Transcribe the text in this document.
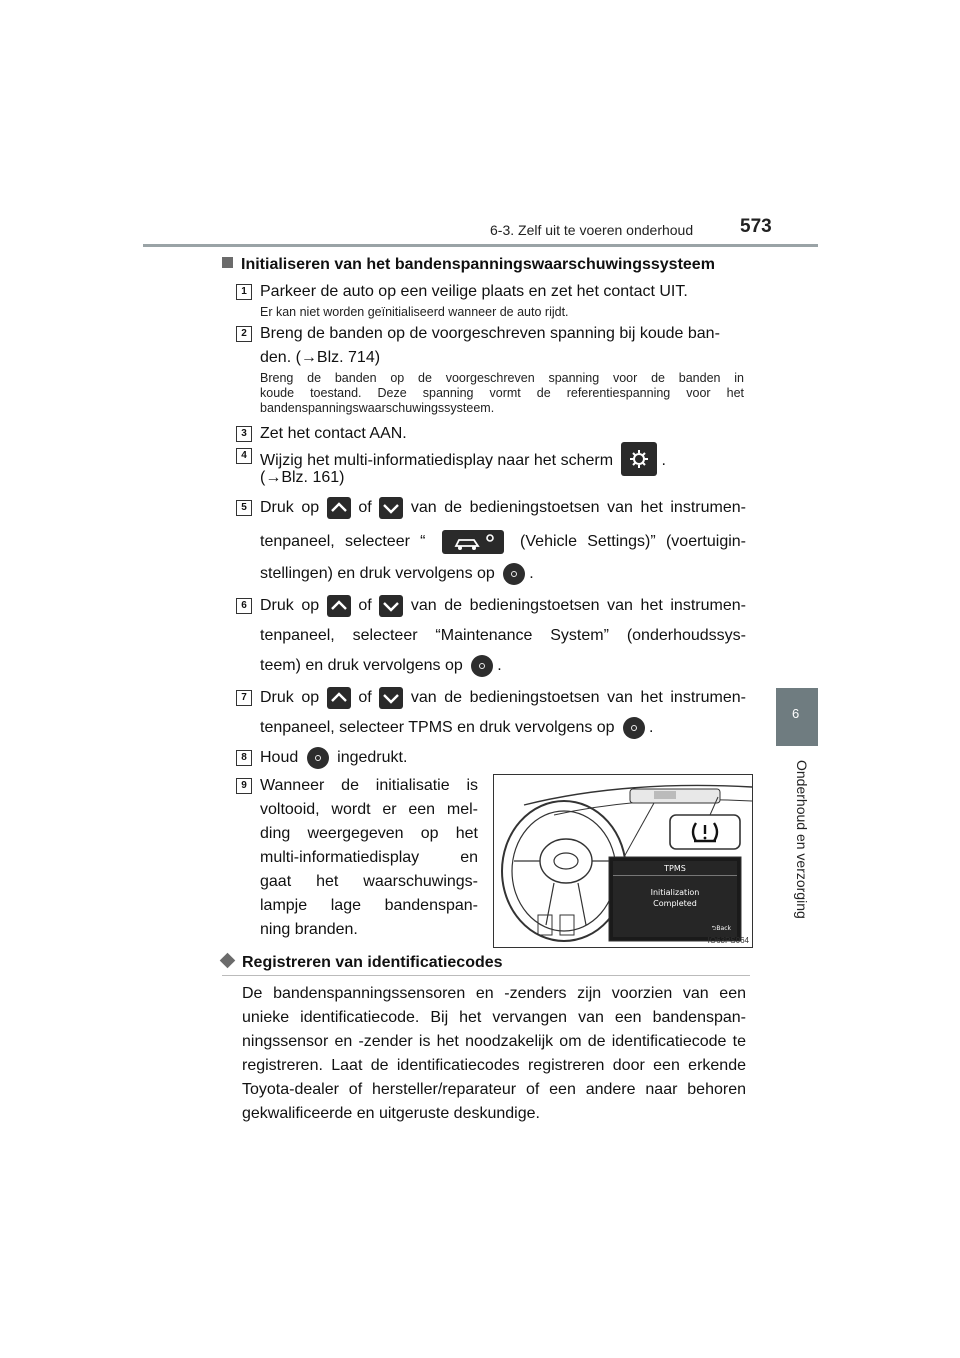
6-3. Zelf uit te voeren onderhoud 573
6
Onderhoud en verzorging
Initialiseren van het bandenspanningswaarschuwingssysteem
1 Parkeer de auto op een veilige plaats en zet het contact UIT.
Er kan niet worden geïnitialiseerd wanneer de auto rijdt.
2 Breng de banden op de voorgeschreven spanning bij koude ban-
den. (→Blz. 714)
Breng de banden op de voorgeschreven spanning voor de banden in
koude toestand. Deze spanning vormt de referentiespanning voor het
bandenspanningswaarschuwingssysteem.
3 Zet het contact AAN.
4 Wijzig het multi-informatiedisplay naar het scherm	.
(→Blz. 161)
5 Druk op of van de bedieningstoetsen van het instrumen-
tenpaneel, selecteer “	(Vehicle Settings)” (voertuigin-
stellingen) en druk vervolgens op .
6 Druk op of van de bedieningstoetsen van het instrumen-
tenpaneel, selecteer “Maintenance System” (onderhoudssys-
teem) en druk vervolgens op .
7 Druk op of van de bedieningstoetsen van het instrumen-
tenpaneel, selecteer TPMS en druk vervolgens op .
8 Houd ingedrukt.
9 Wanneer de initialisatie is
voltooid, wordt er een mel-
ding weergegeven op het
multi-informatiedisplay en
gaat het waarschuwings-
lampje lage bandenspan-
ning branden.
TPMS
Initialization
Completed
⮌Back
IO63PS064
Registreren van identificatiecodes
De bandenspanningssensoren en -zenders zijn voorzien van een unieke identificatiecode. Bij het vervangen van een bandenspan-ningssensor en -zender is het noodzakelijk om de identificatiecode te registreren. Laat de identificatiecodes registreren door een erkende Toyota-dealer of hersteller/reparateur of een andere naar behoren gekwalificeerde en uitgeruste deskundige.
